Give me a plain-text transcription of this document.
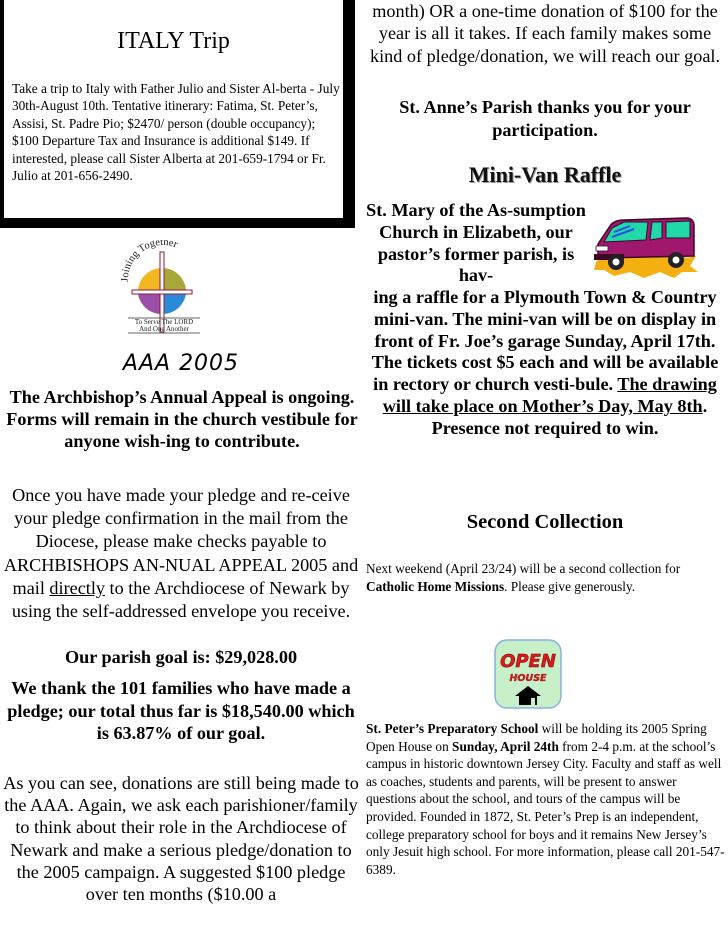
ITALY Trip
Take a trip to Italy with Father Julio and Sister Al-berta - July 30th-August 10th. Tentative itinerary: Fatima, St. Peter’s, Assisi, St. Padre Pio; $2470/ person (double occupancy); $100 Departure Tax and Insurance is additional $149. If interested, please call Sister Alberta at 201-659-1794 or Fr. Julio at 201-656-2490.
Joining Together
To Serve The LORD
And One Another
AAA 2005
The Archbishop’s Annual Appeal is ongoing. Forms will remain in the church vestibule for anyone wish-ing to contribute.
Once you have made your pledge and re-ceive your pledge confirmation in the mail from the Diocese, please make checks payable to ARCHBISHOPS AN-NUAL APPEAL 2005 and mail directly to the Archdiocese of Newark by using the self-addressed envelope you receive.
Our parish goal is: $29,028.00
We thank the 101 families who have made a pledge; our total thus far is $18,540.00 which is 63.87% of our goal.
As you can see, donations are still being made to the AAA. Again, we ask each parishioner/family to think about their role in the Archdiocese of Newark and make a serious pledge/donation to the 2005 campaign. A suggested $100 pledge over ten months ($10.00 a
month) OR a one-time donation of $100 for the year is all it takes. If each family makes some kind of pledge/donation, we will reach our goal.
St. Anne’s Parish thanks you for your participation.
Mini-Van Raffle
St. Mary of the As-sumption Church in Elizabeth, our pastor’s former parish, is hav-
ing a raffle for a Plymouth Town & Country mini-van. The mini-van will be on display in front of Fr. Joe’s garage Sunday, April 17th. The tickets cost $5 each and will be available in rectory or church vesti-bule. The drawing will take place on Mother’s Day, May 8th. Presence not required to win.
Second Collection
Next weekend (April 23/24) will be a second collection for Catholic Home Missions. Please give generously.
OPEN
HOUSE
St. Peter’s Preparatory School will be holding its 2005 Spring Open House on Sunday, April 24th from 2-4 p.m. at the school’s campus in historic downtown Jersey City. Faculty and staff as well as coaches, students and parents, will be present to answer questions about the school, and tours of the campus will be provided. Founded in 1872, St. Peter’s Prep is an independent, college preparatory school for boys and it remains New Jersey’s only Jesuit high school. For more information, please call 201-547-6389.
